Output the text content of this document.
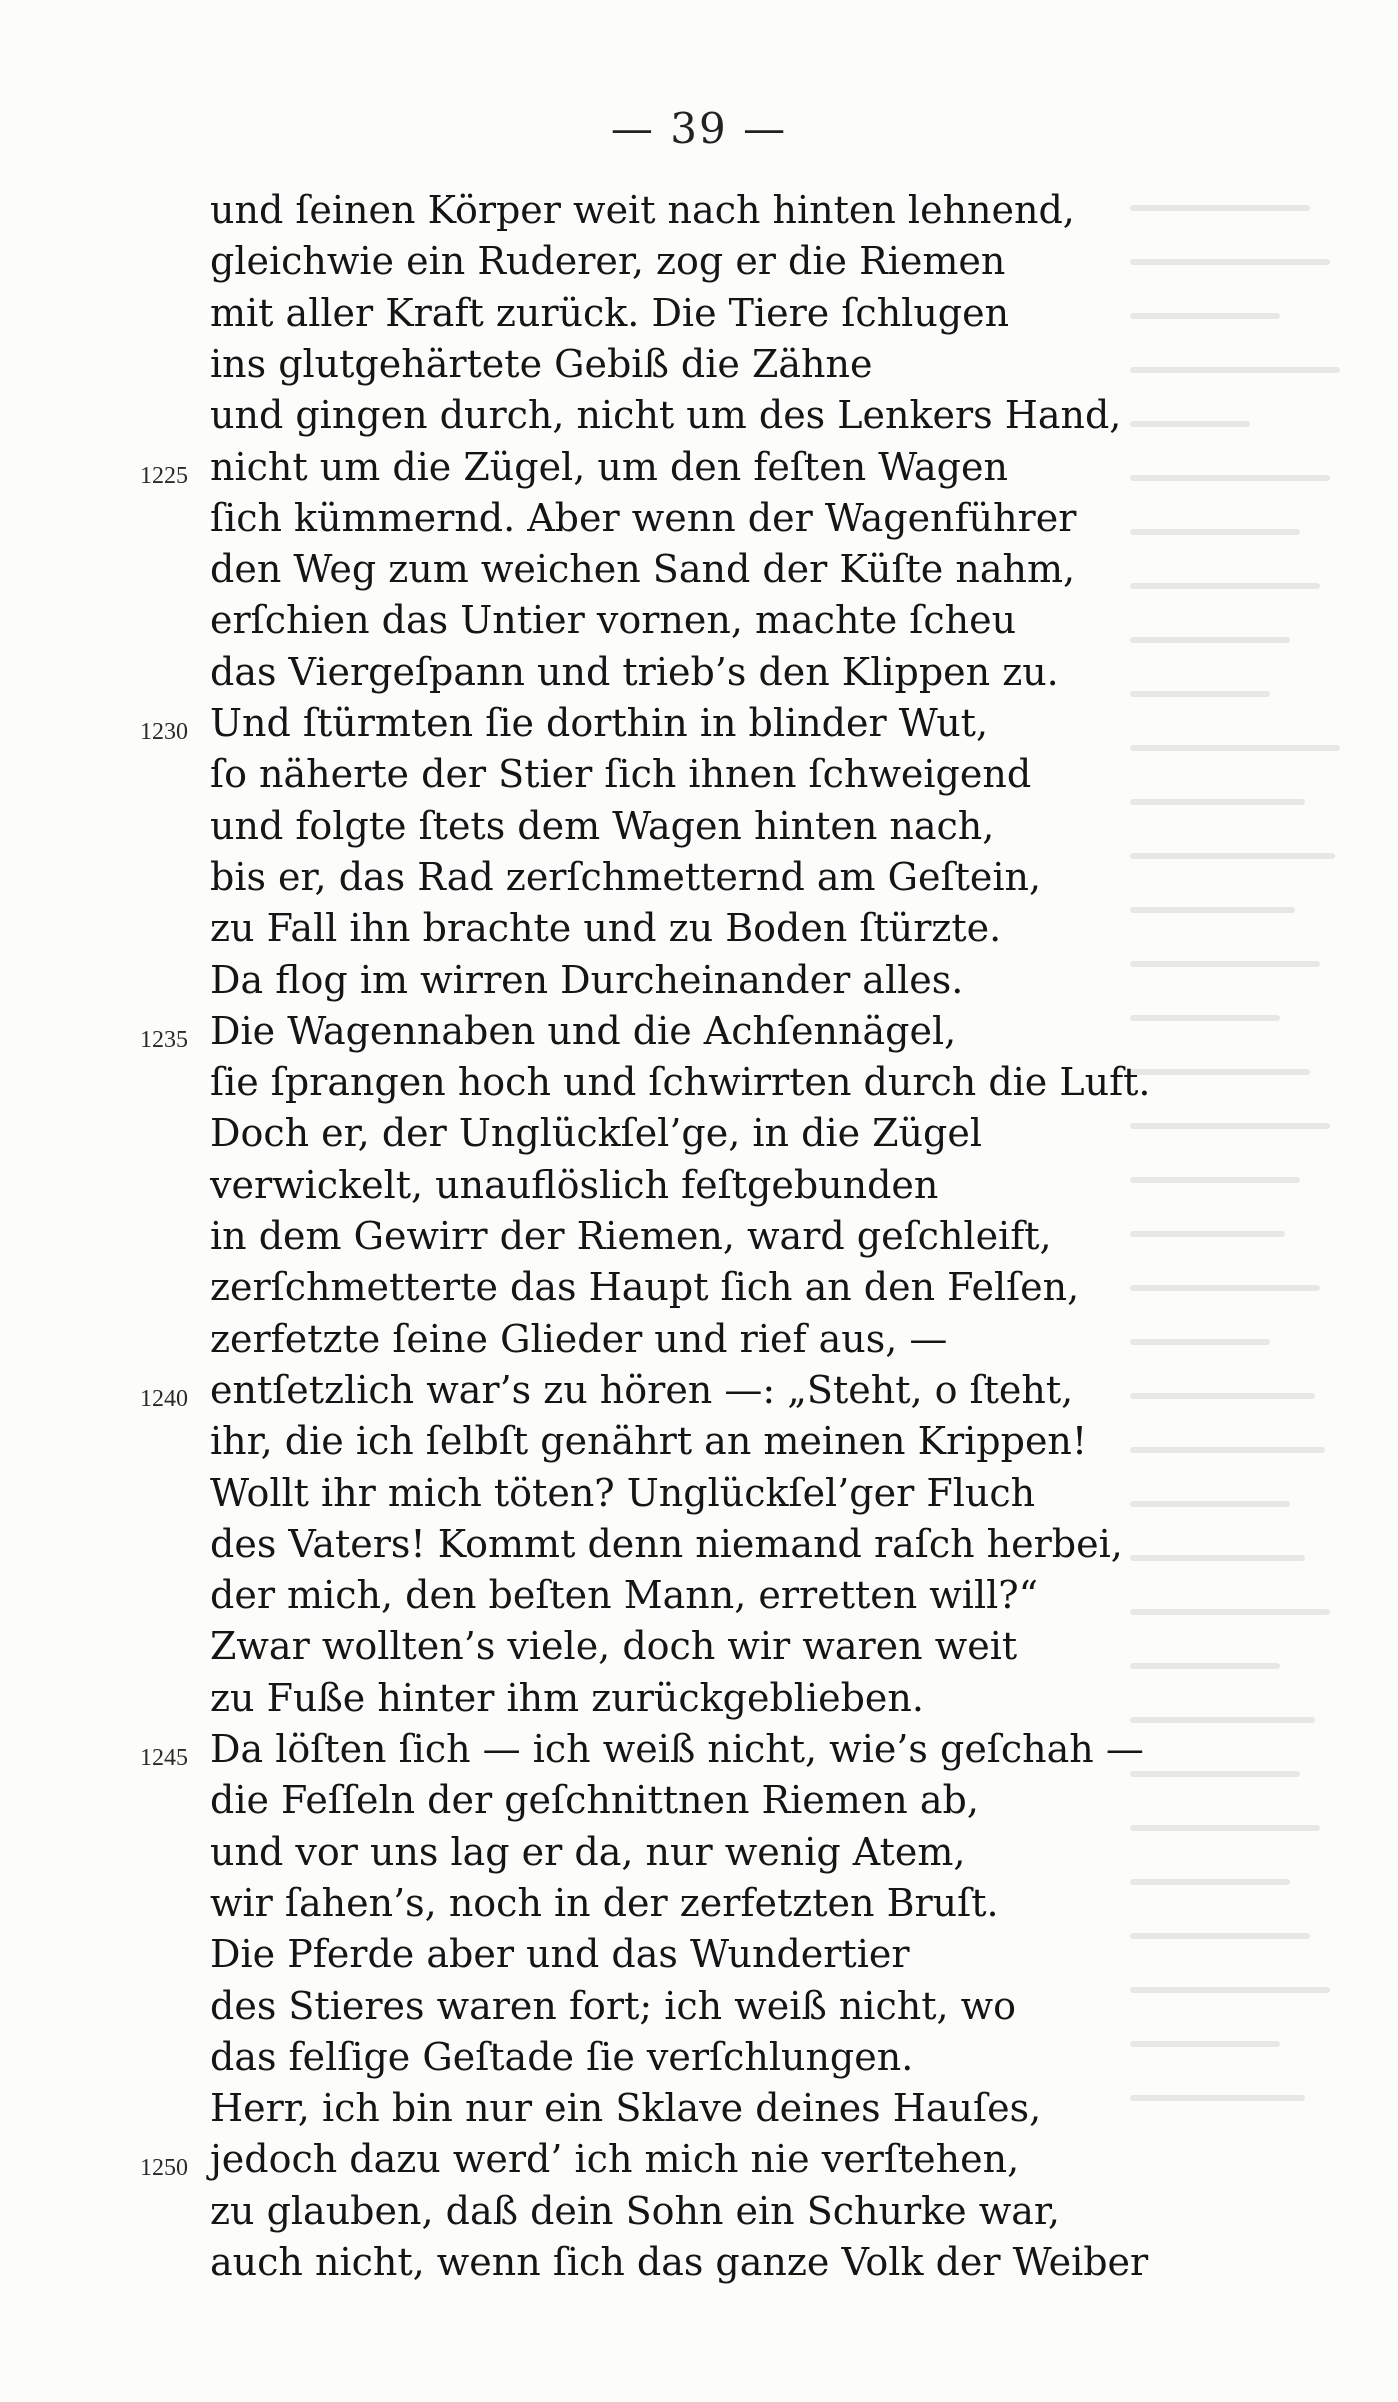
— 39 —
und ſeinen Körper weit nach hinten lehnend,
gleichwie ein Ruderer, zog er die Riemen
mit aller Kraft zurück. Die Tiere ſchlugen
ins glutgehärtete Gebiß die Zähne
und gingen durch, nicht um des Lenkers Hand,
1225 nicht um die Zügel, um den feſten Wagen
ſich kümmernd. Aber wenn der Wagenführer
den Weg zum weichen Sand der Küſte nahm,
erſchien das Untier vornen, machte ſcheu
das Viergeſpann und trieb’s den Klippen zu.
1230 Und ſtürmten ſie dorthin in blinder Wut,
ſo näherte der Stier ſich ihnen ſchweigend
und folgte ſtets dem Wagen hinten nach,
bis er, das Rad zerſchmetternd am Geſtein,
zu Fall ihn brachte und zu Boden ſtürzte.
Da flog im wirren Durcheinander alles.
1235 Die Wagennaben und die Achſennägel,
ſie ſprangen hoch und ſchwirrten durch die Luft.
Doch er, der Unglückſel’ge, in die Zügel
verwickelt, unauflöslich feſtgebunden
in dem Gewirr der Riemen, ward geſchleift,
zerſchmetterte das Haupt ſich an den Felſen,
zerfetzte ſeine Glieder und rief aus, —
1240 entſetzlich war’s zu hören —: „Steht, o ſteht,
ihr, die ich ſelbſt genährt an meinen Krippen!
Wollt ihr mich töten? Unglückſel’ger Fluch
des Vaters! Kommt denn niemand raſch herbei,
der mich, den beſten Mann, erretten will?“
Zwar wollten’s viele, doch wir waren weit
zu Fuße hinter ihm zurückgeblieben.
1245 Da löſten ſich — ich weiß nicht, wie’s geſchah —
die Feſſeln der geſchnittnen Riemen ab,
und vor uns lag er da, nur wenig Atem,
wir ſahen’s, noch in der zerfetzten Bruſt.
Die Pferde aber und das Wundertier
des Stieres waren fort; ich weiß nicht, wo
das felſige Geſtade ſie verſchlungen.
Herr, ich bin nur ein Sklave deines Hauſes,
1250 jedoch dazu werd’ ich mich nie verſtehen,
zu glauben, daß dein Sohn ein Schurke war,
auch nicht, wenn ſich das ganze Volk der Weiber
